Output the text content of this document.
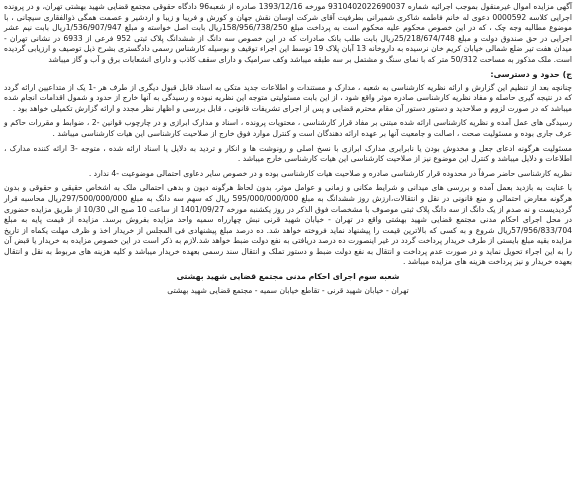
آگهی مزایده اموال غیرمنقول بموجب اجرائیه شماره 9310402022690037 مورخه 1393/12/16 صادره از شعبه96 دادگاه حقوقی مجتمع قضایی شهید بهشتی تهران، و در پرونده اجرایی کلاسه 0000592 دعوی له خانم فاطمه شاکری شمیرانی بطرفیت آقای شرکت اوسان نقش جهان و کورش و فریبا و زیبا و اردشیر و عصمت همگی ذوالفقاری سیچانی ، با موضوع مطالبه وجه چک ، که در این خصوص محکوم علیه محکوم است به پرداخت مبلغ 158/956/738/250ریال بابت اصل خواسته و مبلغ 1/536/907/947ریال بابت نیم عشر اجرایی در حق صندوق دولت و مبلغ 25/218/674/748ریال بابت طلب بانک صادرات که در این خصوص سه دانگ از ششدانگ پلاک ثبتی 952 فرعی از 6933 در نشانی تهران - میدان هفت تیر ضلع شمالی خیابان کریم خان نرسیده به داروخانه 13 آبان پلاک 19 توسط این اجراء توقیف و بوسیله کارشناس رسمی دادگستری بشرح ذیل توصیف و ارزیابی گردیده است. ملک مذکور به مساحت 50/312 متر که با نمای سنگ و مشتمل بر سه طبقه میباشد وکف سرامیک و دارای سقف کاذب و دارای انشعابات برق و آب و گاز میباشد

ج) حدود و دسترسی:

چنانچه بعد از تنظیم این گزارش و ارائه نظریه کارشناسی به شعبه ، مدارک و مستندات و اطلاعات جدید متکی به اسناد قابل قبول دیگری از طرف هر -1 یک از متداعیین ارائه گردد که در نتیجه گیری حاصله و مفاد نظریه کارشناسی صادره موثر واقع شود ، از این بابت مسئولیتی متوجه این نظریه نبوده و رسیدگی به آنها خارج از حدود و شمول اقدامات انجام شده میباشد که در صورت لزوم و صلاحدید و دستور دستور آن مقام محترم قضایی و پس از اجرای تشریفات قانونی ، قابل بررسی و اظهار نظر مجدد و ارائه گزارش تکمیلی خواهد بود .

رسیدگی های عمل آمده و نظریه کارشناسی ارائه شده مبتنی بر مفاد قرار کارشناسی ، محتویات پرونده ، اسناد و مدارک ابرازی و در چارچوب قوانین -2 ، ضوابط و مقررات حاکم و عرف جاری بوده و مسئولیت صحت ، اصالت و جامعیت آنها بر عهده ارائه دهندگان است و کنترل موارد فوق خارج از صلاحیت کارشناسی این هیات کارشناسی میباشد .

مسئولیت هرگونه ادعای جعل و مخدوش بودن یا نابرابری مدارک ابرازی با نسخ اصلی و رونوشت ها و انکار و تردید به دلایل یا اسناد ارائه شده ، متوجه -3 ارائه کننده مدارک ، اطلاعات و دلایل میباشد و کنترل این موضوع نیز از صلاحیت کارشناسی این هیات کارشناسی خارج میباشد .

نظریه کارشناسی حاضر صرفاً در محدوده قرار کارشناسی صادره و صلاحیت هیات کارشناسی بوده و در خصوص سایر دعاوی احتمالی موضوعیت -4 ندارد .

با عنایت به بازدید بعمل آمده و بررسی های میدانی و شرایط مکانی و زمانی و عوامل موثر، بدون لحاظ هرگونه دیون و بدهی احتمالی ملک به اشخاص حقیقی و حقوقی و بدون هرگونه معارض احتمالی و منع قانونی در نقل و انتقالات،ارزش روز ششدانگ به مبلغ 595/000/000/000 ریال که سهم سه دانگ به مبلغ 297/500/000/000ریال محاسبه قرار گردیدیست و نه صدم از یک دانگ از سه دانگ پلاک ثبتی موصوف با مشخصات فوق الذکر در روز یکشنبه مورخه 1401/09/27 از ساعت 10 صبح الی 10/30 از طریق مزایده حضوری در محل اجرای احکام مدنی مجتمع قضایی شهید بهشتی واقع در تهران - خیابان شهید قرنی نبش چهارراه سمیه واحد مزایده بفروش برسد. مزایده از قیمت پایه به مبلغ 57/956/833/704ریال شروع و به کسی که بالاترین قیمت را پیشنهاد نماید فروخته خواهد شد. ده درصد مبلغ پیشنهادی فی المجلس از خریدار اخذ و ظرف مهلت یکماه از تاریخ مزایده بقیه مبلغ بایستی از طرف خریدار پرداخت گردد در غیر اینصورت ده درصد دریافتی به نفع دولت ضبط خواهد شد.لازم به ذکر است در این خصوص مزایده به خریدار یا قبض آن را به این اجراء تحویل نماید و در صورت عدم پرداخت و انتقال به نفع دولت ضبط و دستور تملک و انتقال سند رسمی بعهده خریدار میباشد و کلیه هزینه های مربوط به نقل و انتقال بعهده خریدار و نیز پرداخت هزینه های مزایده میباشد .

شعبه سوم اجرای احکام مدنی مجتمع قضایی شهید بهشتی

تهران - خیابان شهید قرنی - تقاطع خیابان سمیه - مجتمع قضایی شهید بهشتی
